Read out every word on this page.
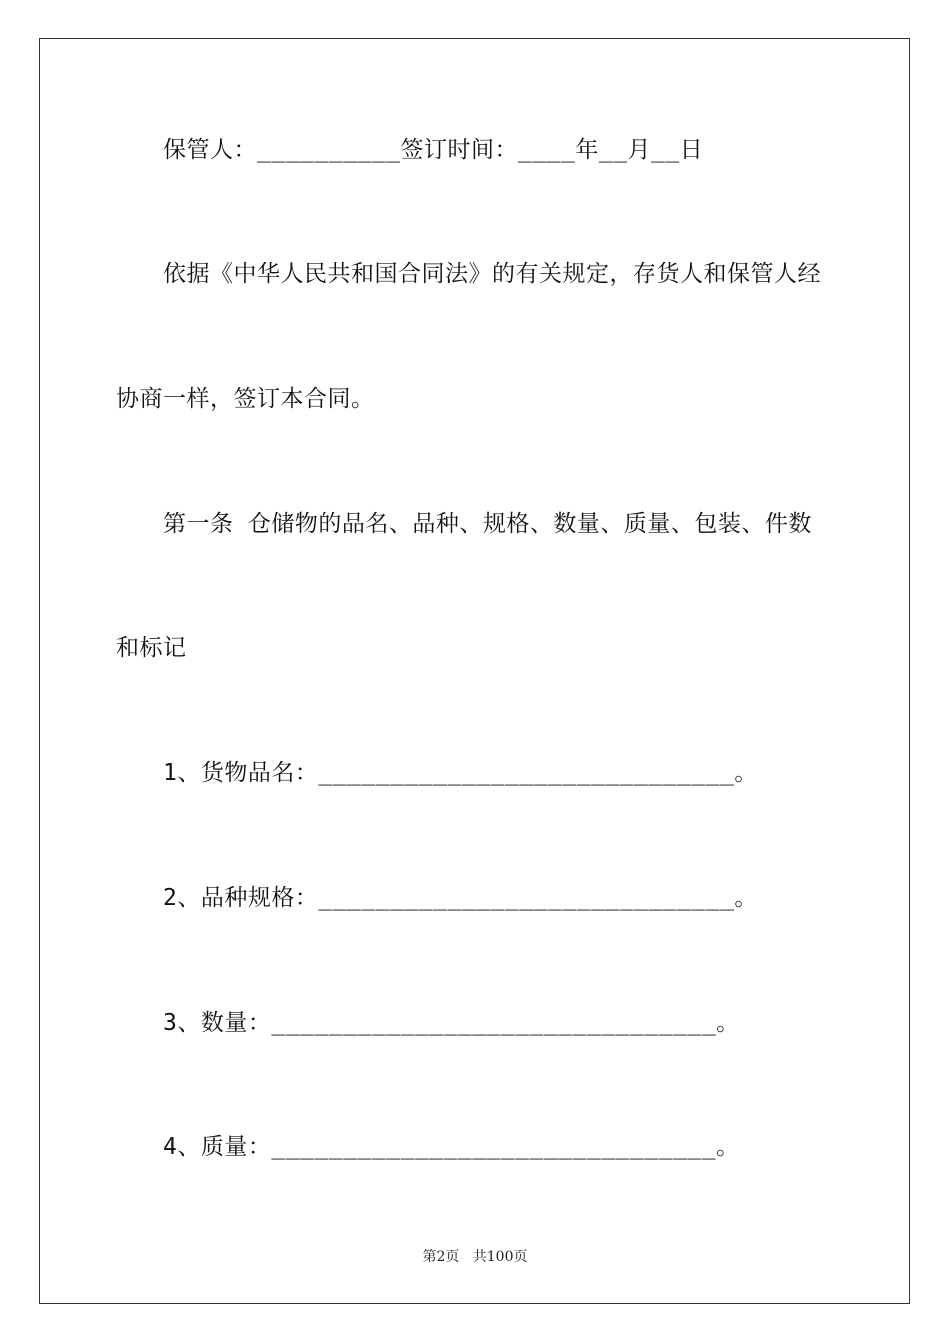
保管人：__________签订时间：____年__月__日
依据《中华人民共和国合同法》的有关规定，存货人和保管人经
协商一样，签订本合同。
第一条 仓储物的品名、品种、规格、数量、质量、包装、件数
和标记
1、货物品名：_____________________________。
2、品种规格：_____________________________。
3、数量：_______________________________。
4、质量：_______________________________。
第2页   共100页
